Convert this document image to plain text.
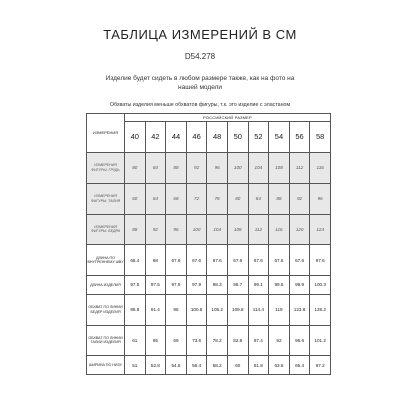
ТАБЛИЦА ИЗМЕРЕНИЙ В СМ
D54.278
Изделие будет сидеть в любом размере также, как на фото на нашей модели
Обхваты изделия меньше обхватов фигуры, т.к. это изделие с эластаном
ИЗМЕРЕНИЯ	РОССИЙСКИЙ РАЗМЕР									
	40	42	44	46	48	50	52	54	56	58
ИЗМЕРЕНИЯ ФИГУРЫ: ГРУДЬ	80	84	88	92	96	100	104	108	112	116
ИЗМЕРЕНИЯ ФИГУРЫ: ТАЛИЯ	60	64	68	72	76	80	84	88	92	96
ИЗМЕРЕНИЯ ФИГУРЫ: БЕДРА	88	92	96	100	104	108	112	116	120	124
ДЛИНА ПО ВНУТРЕННЕМУ ШВУ	68.4	68	67.6	67.6	67.6	67.6	67.6	67.6	67.6	67.6
ДЛИНА ИЗДЕЛИЯ	97.5	97.5	97.5	97.9	98.3	98.7	99.1	99.5	99.9	100.3
ОБХВАТ ПО ЛИНИИ БЕДЕР ИЗДЕЛИЯ	86.8	91.4	96	100.6	105.2	109.8	114.4	119	123.6	128.2
ОБХВАТ ПО ЛИНИИ ТАЛИИ ИЗДЕЛИЯ	61	65	69	73.6	78.2	82.8	87.4	92	96.6	101.2
ШИРИНА ПО НИЗУ	51	52.8	54.6	56.4	58.2	60	61.8	63.6	65.4	67.2
